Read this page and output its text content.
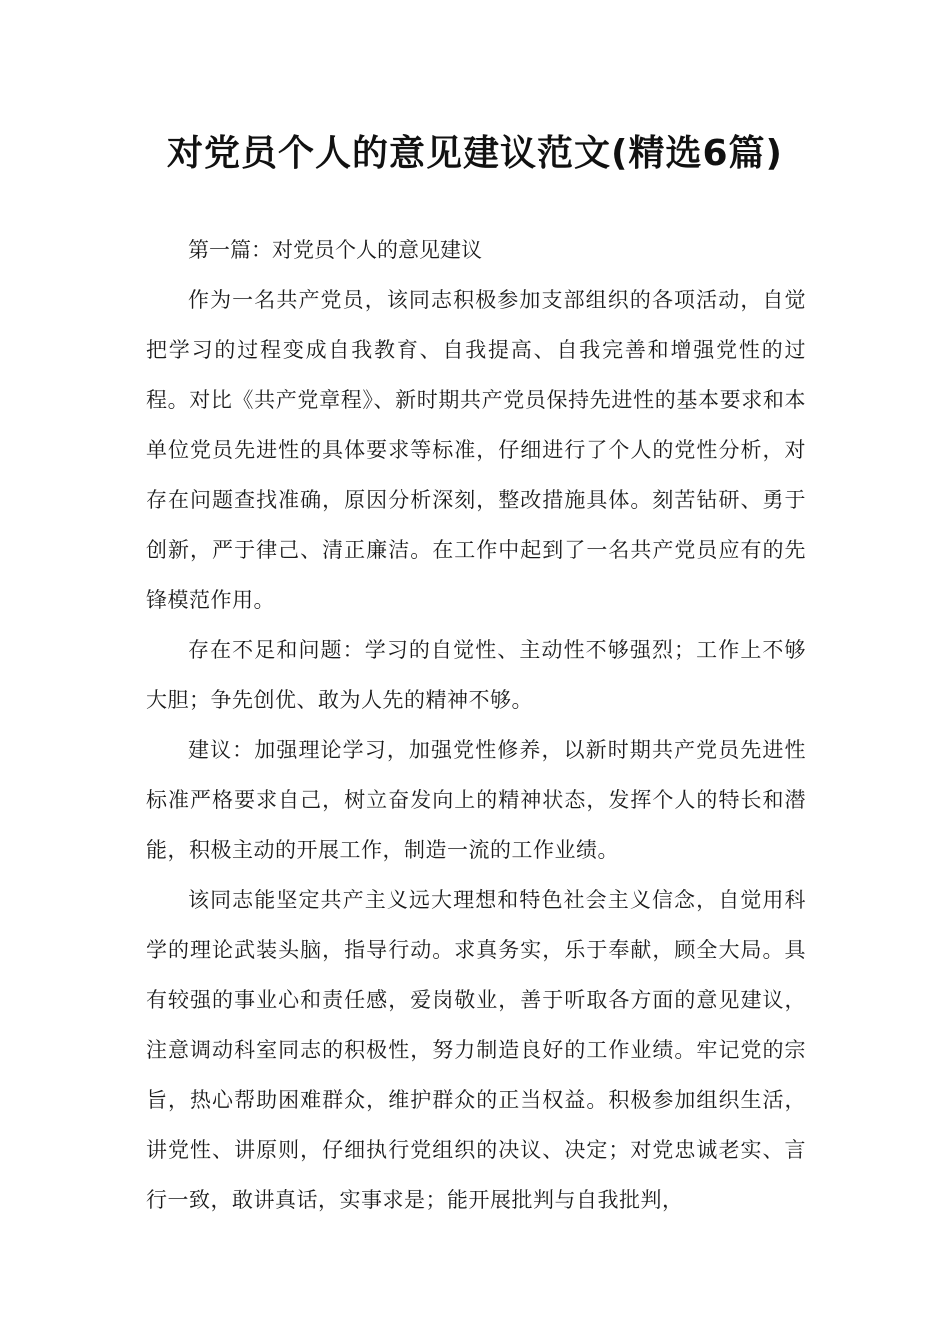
对党员个人的意见建议范文(精选6篇)

第一篇：对党员个人的意见建议

作为一名共产党员，该同志积极参加支部组织的各项活动，自觉把学习的过程变成自我教育、自我提高、自我完善和增强党性的过程。对比《共产党章程》、新时期共产党员保持先进性的基本要求和本单位党员先进性的具体要求等标准，仔细进行了个人的党性分析，对存在问题查找准确，原因分析深刻，整改措施具体。刻苦钻研、勇于创新，严于律己、清正廉洁。在工作中起到了一名共产党员应有的先锋模范作用。

存在不足和问题：学习的自觉性、主动性不够强烈；工作上不够大胆；争先创优、敢为人先的精神不够。

建议：加强理论学习，加强党性修养，以新时期共产党员先进性标准严格要求自己，树立奋发向上的精神状态，发挥个人的特长和潜能，积极主动的开展工作，制造一流的工作业绩。

该同志能坚定共产主义远大理想和特色社会主义信念，自觉用科学的理论武装头脑，指导行动。求真务实，乐于奉献，顾全大局。具有较强的事业心和责任感，爱岗敬业，善于听取各方面的意见建议，注意调动科室同志的积极性，努力制造良好的工作业绩。牢记党的宗旨，热心帮助困难群众，维护群众的正当权益。积极参加组织生活，讲党性、讲原则，仔细执行党组织的决议、决定；对党忠诚老实、言行一致，敢讲真话，实事求是；能开展批判与自我批判，
